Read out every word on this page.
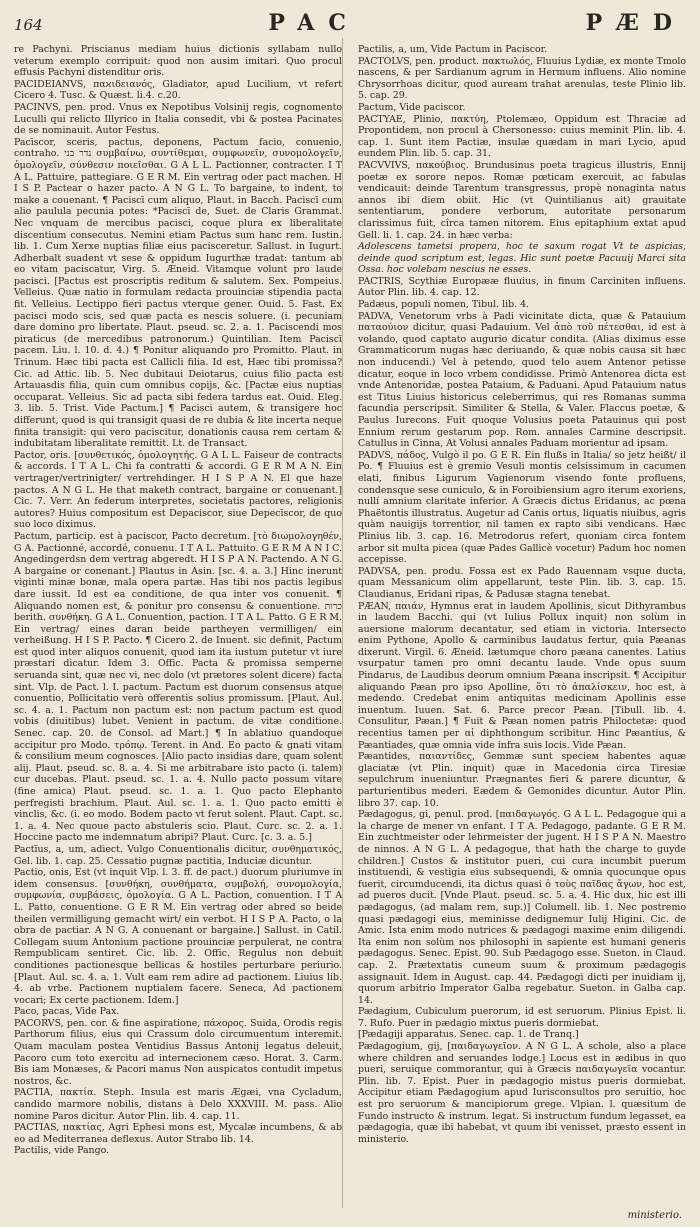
164	PAC	PÆD

re Pachyni. Priscianus mediam huius dictionis syllabam nullo veterum exemplo corripuit: quod non ausim imitari. Quo procul effusis Pachyni distenditur oris.

PACIDEIANVS, παϰιδειανός, Gladiator, apud Lucilium, vt refert Cicero 4. Tusc. & Quæst. li.4. c.20.

PACINVS, pen. prod. Vnus ex Nepotibus Volsinij regis, cognomento Luculli qui relicto Illyrico in Italia consedit, vbi & postea Pacinates de se nominauit. Autor Festus.

Pacīscor, sceris, pactus, deponens, Pactum facio, conuenio, contraho. נדר בני συμβαίνω, συντίθεμαι, συμφωνεῖν, συνομολογεῖν, ὁμολογεῖν, σύνθεσιν ποιεῖσθαι. G A L L. Pactionner, contracter. I T A L. Pattuire, pattegiare. G E R M. Ein vertrag oder pact machen. H I S P. Pactear o hazer pacto. A N G L. To bargaine, to indent, to make a couenant. ¶ Paciscī cum aliquo, Plaut. in Bacch. Paciscī cum alio paulula pecunia potes: *Paciscī de, Suet. de Claris Grammat. Nec vnquam de mercibus pacisci, coque plura ex liberalitate discentium consecutus. Nemini etiam Pactus sum hanc rem. Iustin. lib. 1. Cum Xerxe nuptias filiæ eius pacisceretur. Sallust. in Iugurt. Adherbalt suadent vt sese & oppidum Iugurthæ tradat: tantum ab eo vitam paciscatur, Virg. 5. Æneid. Vitamque volunt pro laude pacisci. [Pactus est proscriptis reditum & salutem. Sex. Pompeius. Velleius. Quæ natio in formulam redacta prouinciæ stipendia pacta fit. Velleius. Lectippo fieri pactus vterque gener. Ouid. 5. Fast. Ex pacisci modo scis, sed quæ pacta es nescis soluere. (i. pecuniam dare domino pro libertate. Plaut. pseud. sc. 2. a. 1. Paciscendi mos piraticus (de mercedibus patronorum.) Quintilian. Item Paciscī pacem. Liu. l. 10. d. 4.) ¶ Ponitur aliquando pro Promitto. Plaut. in Trinum. Hæc tibi pacta est Callicli filia. Id est, Hæc tibi promissa? Cic. ad Attic. lib. 5. Nec dubitaui Deiotarus, cuius filio pacta est Artauasdis filia, quin cum omnibus copijs, &c. [Pactæ eius nuptias occuparat. Velleius. Sic ad pacta sibi federa tardus eat. Ouid. Eleg. 3. lib. 5. Trist. Vide Pactum.] ¶ Pacisci autem, & transigere hoc differunt, quod is qui transigit quasi de re dubia & lite incerta neque finita transigit: qui vero paciscitur, donationis causa rem certam & indubitatam liberalitate remittit. Lt. de Transact.

Pactor, oris. [συνθετικός, ὁμολογητής. G A L L. Faiseur de contracts & accords. I T A L. Chi fa contratti & accordi. G E R M A N. Ein vertrager/vertrinigter/ vertrehdinger. H I S P A N. El que haze pactos. A N G L. He that maketh contract, bargaine or conuenant.] Cic. 7. Verr. An federum interpretes, societatis pactores, religionis autores? Huius compositum est Depaciscor, siue Depecīscor, de quo suo loco diximus.

Pactum, particip. est à paciscor, Pacto decretum. [τὸ διωμολογηθέν, G A. Pactionné, accordé, conuenu. I T A L. Pattuito. G E R M A N I C. Angedingerdsn dem vertrag abgeredt. H I S P A N. Pactendo. A N G. A bargaine or conenant.] Plautus in Asin. [sc. 4. a. 3.] Hinc inerunt viginti minæ bonæ, mala opera partæ. Has tibi nos pactis legibus dare iussit. Id est ea conditione, de qua inter vos conuenit. ¶ Aliquando nomen est, & ponitur pro consensu & conuentione. כרות berith. συνθήκη. G A L. Conuention, paction. I T A L. Patto. G E R M. Ein vertrag/ eines daran beide partheyen vermilligen/ ein verheißung. H I S P. Pacto. ¶ Cicero 2. de Inuent. sic definit, Pactum est quod inter aliquos conuenit, quod iam ita iustum putetur vt iure præstari dicatur. Idem 3. Offic. Pacta & promissa semperne seruanda sint, quæ nec vi, nec dolo (vt prætores solent dicere) facta sint. Vlp. de Pact. l. I. pactum. Pactum est duorum consensus atque conuentio, Pollicitatio verò offerentis solius promissum. [Plaut. Aul. sc. 4. a. 1. Pactum non pactum est: non pactum pactum est quod vobis (diuitibus) lubet. Venient in pactum. de vitæ conditione. Senec. cap. 20. de Consol. ad Mart.] ¶ In ablatiuo quandoque accipitur pro Modo. τρόπῳ. Terent. in And. Eo pacto & gnati vitam & consilium meum cognosces. [Alio pacto insidias dare, quam solent alij. Plaut. pseud. sc. 8. a. 4. Si me arbitrabare isto pacto (i. talem) cur ducebas. Plaut. pseud. sc. 1. a. 4. Nullo pacto possum vitare (fine amica) Plaut. pseud. sc. 1. a. 1. Quo pacto Elephanto perfregisti brachium. Plaut. Aul. sc. 1. a. 1. Quo pacto emitti è vinclis, &c. (i. eo modo. Bodem pacto vt ferut solent. Plaut. Capt. sc. 1. a. 4. Nec quoue pacto abstuleris scio. Plaut. Curc. sc. 2. a. 1. Hoccine pacto me indemnatum abripi? Plaut. Curc. [c. 3. a. 5.]

Pactīus, a, um, adiect. Vulgo Conuentionalis dicitur, συνθηματικός, Gel. lib. 1. cap. 25. Cessatio pugnæ pactitia, Induciæ dicuntur.

Pactio, onis, Est (vt inquit Vlp. l. 3. ff. de pact.) duorum pluriumve in idem consensus. [συνθήκη, συνθήματα, συμβολή, συνομολογία, συμφωνία, συμβάσεις, ὁμολογία. G A L. Paction, conuention. I T A L. Patto, conuentione. G E R M. Ein vertrag oder abred so beide theilen vermilligung gemacht wirt/ ein verbot. H I S P A. Pacto, o la obra de pactiar. A N G. A conuenant or bargaine.] Sallust. in Catil. Collegam suum Antonium pactione prouinciæ perpulerat, ne contra Rempublicam sentiret. Cic. lib. 2. Offic. Regulus non debuit conditiones pactionesque bellicas & hostiles perturbare periurio. [Plaut. Aul. sc. 4. a. 1. Vult eam rem adire ad pactionem. Liuius lib. 4. ab vrbe. Pactionem nuptialem facere. Seneca, Ad pactionem vocari; Ex certe pactionem. Idem.]

Paco, pacas, Vide Pax.

PACORVS, pen. cor. & fine aspiratione, πάϰορος. Suida, Orodis regis Parthorum filius, eius qui Crassum dolo circumuentum interemit. Quam maculam postea Ventidius Bassus Antonij legatus deleuit, Pacoro cum toto exercitu ad internecionem cæso. Horat. 3. Carm. Bis iam Monæses, & Pacori manus Non auspicatos contudit impetus nostros, &c.

PACTIA, πακτία. Steph. Insula est maris Ægæi, vna Cycladum, candido marmore nobilis, distans à Delo XXXVIII. M. pass. Alio nomine Paros dicitur. Autor Plin. lib. 4. cap. 11.

PACTIAS, πακτίας, Agri Ephesi mons est, Mycalæ incumbens, & ab eo ad Mediterranea deflexus. Autor Strabo lib. 14.

Pactilis, vide Pango.

Pactilis, a, um, Vide Pactum in Paciscor.

PACTOLVS, pen. product. πακτωλός, Fluuius Lydiæ, ex monte Tmolo nascens, & per Sardianum agrum in Hermum influens. Alio nomine Chrysorrhoas dicitur, quod auream trahat arenulas, teste Plinio lib. 5. cap. 29.

Pactum, Vide paciscor.

PACTYAE, Plinio, πακτύη, Ptolemæo, Oppidum est Thraciæ ad Propontidem, non procul à Chersonesso: cuius meminit Plin. lib. 4. cap. 1. Sunt item Pactiæ, insulæ quædam in mari Lycio, apud eundem Plin. lib. 5. cap. 31.

PACVVIVS, πακούβιος. Brundusinus poeta tragicus illustris, Ennij poetæ ex sorore nepos. Romæ pœticam exercuit, ac fabulas vendicauit: deinde Tarentum transgressus, propè nonaginta natus annos ibi diem obiit. Hic (vt Quintilianus ait) grauitate sententiarum, pondere verborum, autoritate personarum clarissimus fuit, cîrca tamen nitorem. Eius epitaphium extat apud Gell. li. 1. cap. 24. in hæc verba:

Adolescens tametsi propera, hoc te saxum rogat Vt te aspicias, deinde quod scriptum est, legas. Hic sunt poetæ Pacuuij Marci sita Ossa. hoc volebam nescius ne esses.

PACTRIS, Scythiæ Europææ fluuius, in finum Carciniten influens. Autor Plin. lib. 4. cap. 12.

Padæus, populi nomen, Tibul. lib. 4.

PADVA, Venetorum vrbs à Padi vicinitate dicta, quæ & Patauium παταούιον dicitur, quasi Padauium. Vel ἀπὸ τοῦ πέτεσθαι, id est à volando, quod captato augurio dicatur condita. (Alias diximus esse Grammaticorum nugas hæc deriuando, & quæ nobis causa sit hæc non inducendi.) Vel à petendo, quod telo auem Antenor petisse dicatur, eoque in loco vrbem condidisse. Primò Antenorea dicta est vnde Antenoridæ, postea Pataium, & Paduani. Apud Patauium natus est Titus Liuius historicus celeberrimus, qui res Romanas summa facundia perscripsit. Similiter & Stella, & Valer. Flaccus poetæ, & Paulus Iurecons. Fuit quoque Volusius poeta Patauinus qui post Ennium rerum gestarum pop. Rom. annales Carmine descripsit. Catullus in Cinna, At Volusi annales Paduam morientur ad ipsam.

PADVS, πάδος, Vulgò il po. G E R. Ein flußs in Italia/ so jetz heißt/ il Po. ¶ Fluuius est è gremio Vesuli montis celsissimum in cacumen elati, finibus Ligurum Vagienorum visendo fonte profluens, condensque sese cuniculo, & in Foroibiensium agro iterum exoriens, nullí amnium claritate inferior. A Græcis dictus Eridanus, ac pœna Phaëtontis illustratus. Augetur ad Canis ortus, liquatis niuibus, agris quàm nauigijs torrentior, nil tamen ex rapto sibi vendicans. Hæc Plinius lib. 3. cap. 16. Metrodorus refert, quoniam circa fontem arbor sit multa picea (quæ Pades Gallicè vocetur) Padum hoc nomen accepisse.

PADVSA, pen. produ. Fossa est ex Pado Rauennam vsque ducta, quam Messanicum olim appellarunt, teste Plin. lib. 3. cap. 15. Claudianus, Eridani ripas, & Padusæ stagna tenebat.

PÆAN, παιάν, Hymnus erat in laudem Apollinis, sicut Dithyrambus in laudem Bacchi. qui (vt Iulius Pollux inquit) non solùm in auersione malorum decantatur, sed etiam in victoria. Intersecto enim Pythone, Apollo & carminibus laudatus fertur, quia Pæanas dixerunt. Virgil. 6. Æneid. lætumque choro pæana canentes. Latius vsurpatur tamen pro omni decantu laude. Vnde opus suum Pindarus, de Laudibus deorum omnium Pæana inscripsit. ¶ Accipitur aliquando Pæan pro ipso Apolline, ὅτι τὸ ἀπαλίσκειν, hoc est, à medendo. Credebat enim antiquitas medicinam Apollinis esse inuentum. Iuuen. Sat. 6. Parce precor Pæan. [Tibull. lib. 4. Consulitur, Pæan.] ¶ Fuit & Pæan nomen patris Philoctetæ: quod recentius tamen per αἰ diphthongum scribitur. Hinc Pæantius, & Pæantiades, quæ omnia vide infra suis locis. Vide Pæan.

Pæantides, παιαντίδες, Gemmæ sunt specieм habentes aquæ glaciatæ (vt Plin. inquit) quæ in Macedonia circa Tiresiæ sepulchrum inueniuntur. Prægnantes fieri & parere dicuntur, & parturientibus mederi. Eædem & Gemonides dicuntur. Autor Plin. libro 37. cap. 10.

Pædagogus, gi, penul. prod. [παιδαγωγός. G A L L. Pedagogue qui a la charge de mener vn enfant. I T A. Pedagogo, padante. G E R M. Ein zuchtmeister oder lehrmeister der jugent. H I S P A N. Maestro de ninnos. A N G L. A pedagogue, that hath the charge to guyde children.] Custos & institutor pueri, cui cura incumbit puerum instituendi, & vestigia eius subsequendi, & omnia quocunque opus fuerit, circumducendi, ita dictus quasi ὁ τοὺς παῖδας ἄγων, hoc est, ad pueros ducit. [Vnde Plaut. pseud. sc. 5. a. 4. Hic dux, hic est illi pædagogus, (ad malam rem, sup.)] Columell. lib. 1. Nec postremo quasi pædagogi eius, meminisse dedignemur Iulij Higini. Cic. de Amic. Ista enim modo nutrices & pædagogi maxime enim diligendi. Ita enim non solùm nos philosophi in sapiente est humani generis pædagogus. Senec. Epist. 90. Sub Pædagogo esse. Sueton. in Claud. cap. 2. Prætextatis cuneum suum & proximum pædagogis assignauit. Idem in August. cap. 44. Pædagogi dicti per inuidiam ij, quorum arbitrio Imperator Galba regebatur. Sueton. in Galba cap. 14.

Pædagium, Cubiculum puerorum, id est seruorum. Plinius Epist. li. 7. Rufo. Puer in pædagio mixtus pueris dormiebat.

[Pædagiji apparatus. Senec. cap. 1. de Tranq.]

Pædagogium, gij, [παιδαγωγεῖον. A N G L. A schole, also a place where children and seruandes lodge.] Locus est in ædibus in quo pueri, seruique commorantur, qui à Græcis παιδαγωγεῖα vocantur. Plin. lib. 7. Epist. Puer in pædagogio mistus pueris dormiebat. Accipitur etiam Pædagogium apud Iurisconsultos pro seruitio, hoc est pro seruorum & mancipiorum grege. Vlpian. l. quæsitum de Fundo instructo & instrum. legat. Si instructum fundum legasset, ea pædagogia, quæ ibi habebat, vt quum ibi venisset, præsto essent in ministerio.

ministerio.
